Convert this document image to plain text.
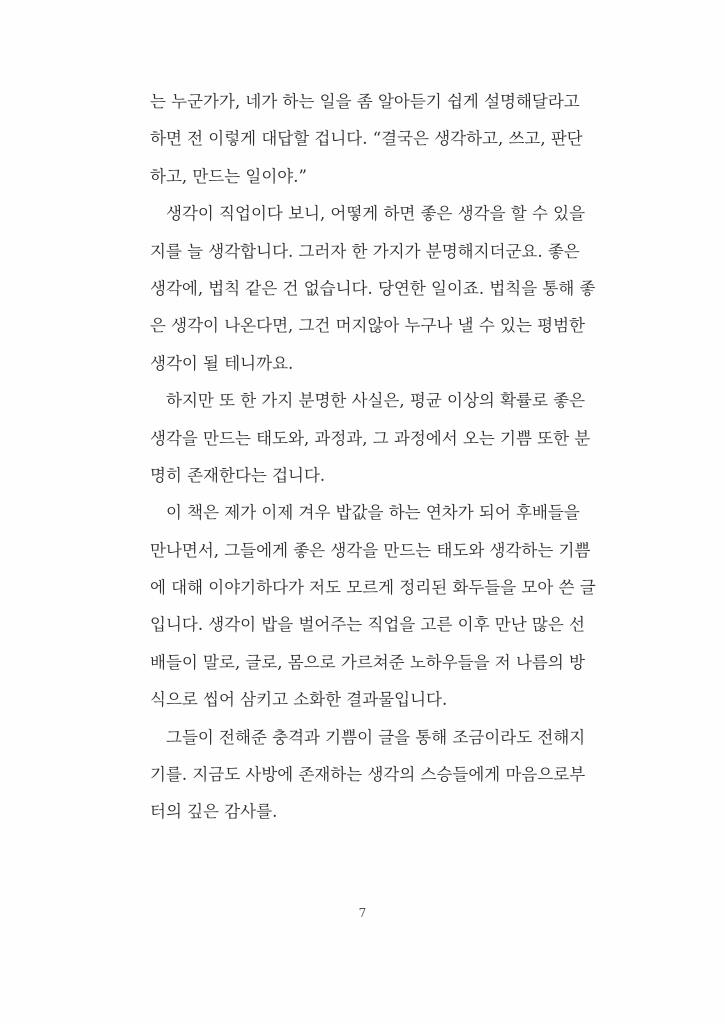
는 누군가가, 네가 하는 일을 좀 알아듣기 쉽게 설명해달라고
하면 전 이렇게 대답할 겁니다. “결국은 생각하고, 쓰고, 판단
하고, 만드는 일이야.”
생각이 직업이다 보니, 어떻게 하면 좋은 생각을 할 수 있을
지를 늘 생각합니다. 그러자 한 가지가 분명해지더군요. 좋은
생각에, 법칙 같은 건 없습니다. 당연한 일이죠. 법칙을 통해 좋
은 생각이 나온다면, 그건 머지않아 누구나 낼 수 있는 평범한
생각이 될 테니까요.
하지만 또 한 가지 분명한 사실은, 평균 이상의 확률로 좋은
생각을 만드는 태도와, 과정과, 그 과정에서 오는 기쁨 또한 분
명히 존재한다는 겁니다.
이 책은 제가 이제 겨우 밥값을 하는 연차가 되어 후배들을
만나면서, 그들에게 좋은 생각을 만드는 태도와 생각하는 기쁨
에 대해 이야기하다가 저도 모르게 정리된 화두들을 모아 쓴 글
입니다. 생각이 밥을 벌어주는 직업을 고른 이후 만난 많은 선
배들이 말로, 글로, 몸으로 가르쳐준 노하우들을 저 나름의 방
식으로 씹어 삼키고 소화한 결과물입니다.
그들이 전해준 충격과 기쁨이 글을 통해 조금이라도 전해지
기를. 지금도 사방에 존재하는 생각의 스승들에게 마음으로부
터의 깊은 감사를.
7
